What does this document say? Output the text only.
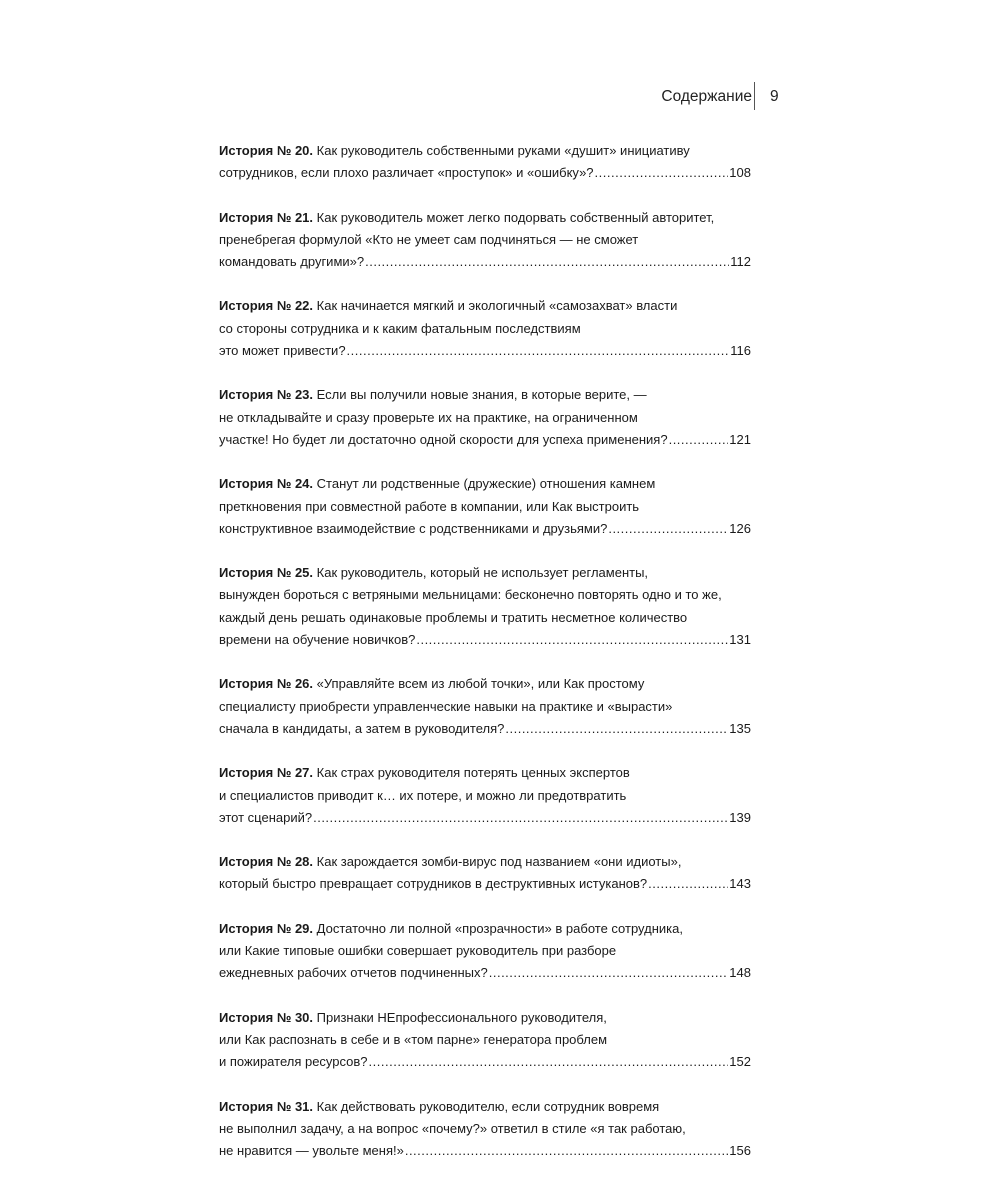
Содержание 9
История № 20. Как руководитель собственными руками «душит» инициативу
сотрудников, если плохо различает «проступок» и «ошибку»? .....	108
История № 21. Как руководитель может легко подорвать собственный авторитет,
пренебрегая формулой «Кто не умеет сам подчиняться — не сможет
командовать другими»? .....	112
История № 22. Как начинается мягкий и экологичный «самозахват» власти
со стороны сотрудника и к каким фатальным последствиям
это может привести? .....	116
История № 23. Если вы получили новые знания, в которые верите, —
не откладывайте и сразу проверьте их на практике, на ограниченном
участке! Но будет ли достаточно одной скорости для успеха применения? .....	121
История № 24. Станут ли родственные (дружеские) отношения камнем
преткновения при совместной работе в компании, или Как выстроить
конструктивное взаимодействие с родственниками и друзьями? .....	126
История № 25. Как руководитель, который не использует регламенты,
вынужден бороться с ветряными мельницами: бесконечно повторять одно и то же,
каждый день решать одинаковые проблемы и тратить несметное количество
времени на обучение новичков? .....	131
История № 26. «Управляйте всем из любой точки», или Как простому
специалисту приобрести управленческие навыки на практике и «вырасти»
сначала в кандидаты, а затем в руководителя? .....	135
История № 27. Как страх руководителя потерять ценных экспертов
и специалистов приводит к… их потере, и можно ли предотвратить
этот сценарий? .....	139
История № 28. Как зарождается зомби-вирус под названием «они идиоты»,
который быстро превращает сотрудников в деструктивных истуканов? .....	143
История № 29. Достаточно ли полной «прозрачности» в работе сотрудника,
или Какие типовые ошибки совершает руководитель при разборе
ежедневных рабочих отчетов подчиненных? .....	148
История № 30. Признаки НЕпрофессионального руководителя,
или Как распознать в себе и в «том парне» генератора проблем
и пожирателя ресурсов? .....	152
История № 31. Как действовать руководителю, если сотрудник вовремя
не выполнил задачу, а на вопрос «почему?» ответил в стиле «я так работаю,
не нравится — увольте меня!» .....	156
